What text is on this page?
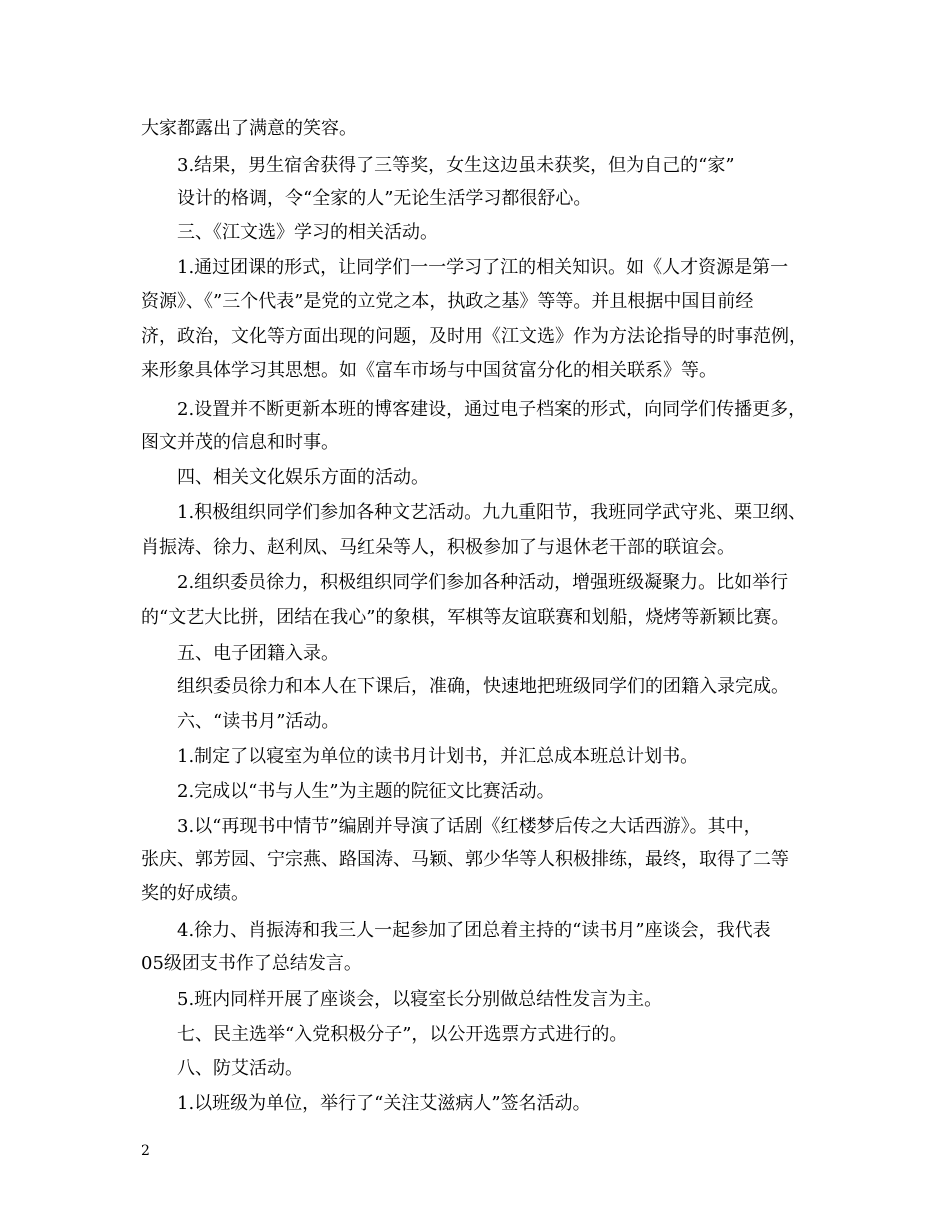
大家都露出了满意的笑容。
3.结果，男生宿舍获得了三等奖，女生这边虽未获奖，但为自己的“家”
设计的格调，令“全家的人”无论生活学习都很舒心。
三、《江文选》学习的相关活动。
1.通过团课的形式，让同学们一一学习了江的相关知识。如《人才资源是第一
资源》、《”三个代表”是党的立党之本，执政之基》等等。并且根据中国目前经
济，政治，文化等方面出现的问题，及时用《江文选》作为方法论指导的时事范例，
来形象具体学习其思想。如《富车市场与中国贫富分化的相关联系》等。
2.设置并不断更新本班的博客建设，通过电子档案的形式，向同学们传播更多，
图文并茂的信息和时事。
四、相关文化娱乐方面的活动。
1.积极组织同学们参加各种文艺活动。九九重阳节，我班同学武守兆、栗卫纲、
肖振涛、徐力、赵利凤、马红朵等人，积极参加了与退休老干部的联谊会。
2.组织委员徐力，积极组织同学们参加各种活动，增强班级凝聚力。比如举行
的“文艺大比拼，团结在我心”的象棋，军棋等友谊联赛和划船，烧烤等新颖比赛。
五、电子团籍入录。
组织委员徐力和本人在下课后，准确，快速地把班级同学们的团籍入录完成。
六、“读书月”活动。
1.制定了以寝室为单位的读书月计划书，并汇总成本班总计划书。
2.完成以“书与人生”为主题的院征文比赛活动。
3.以“再现书中情节”编剧并导演了话剧《红楼梦后传之大话西游》。其中，
张庆、郭芳园、宁宗燕、路国涛、马颖、郭少华等人积极排练，最终，取得了二等
奖的好成绩。
4.徐力、肖振涛和我三人一起参加了团总着主持的“读书月”座谈会，我代表
05级团支书作了总结发言。
5.班内同样开展了座谈会，以寝室长分别做总结性发言为主。
七、民主选举“入党积极分子”，以公开选票方式进行的。
八、防艾活动。
1.以班级为单位，举行了“关注艾滋病人”签名活动。
2
